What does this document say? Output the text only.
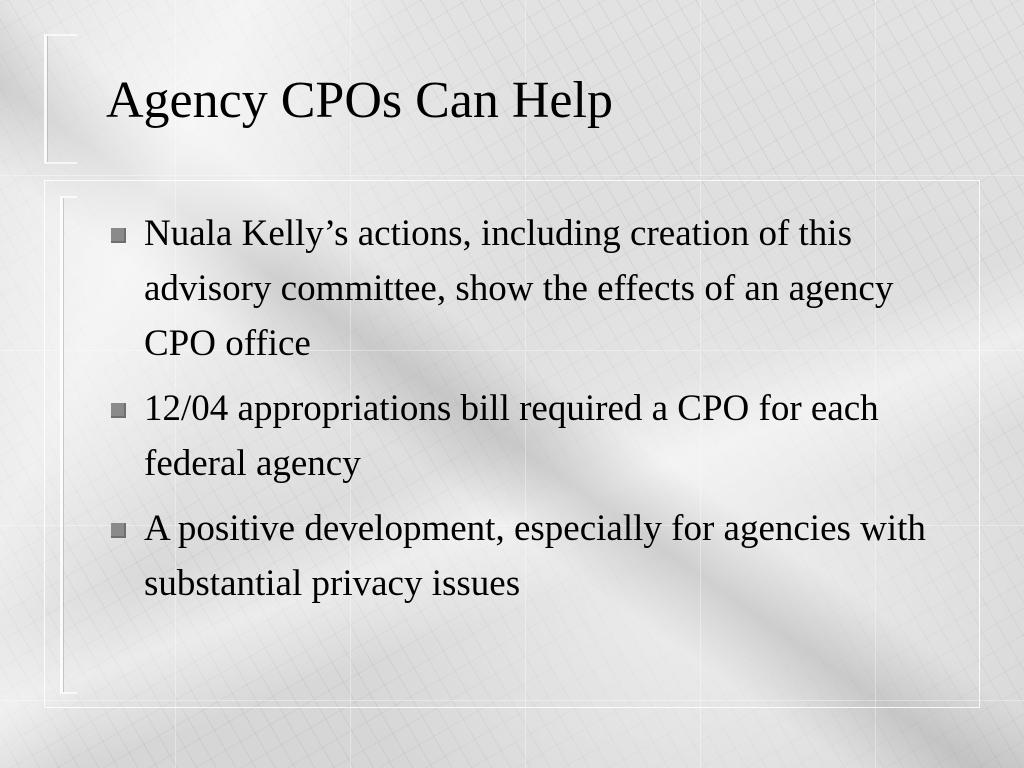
Agency CPOs Can Help
Nuala Kelly’s actions, including creation of this advisory committee, show the effects of an agency CPO office
12/04 appropriations bill required a CPO for each federal agency
A positive development, especially for agencies with substantial privacy issues
